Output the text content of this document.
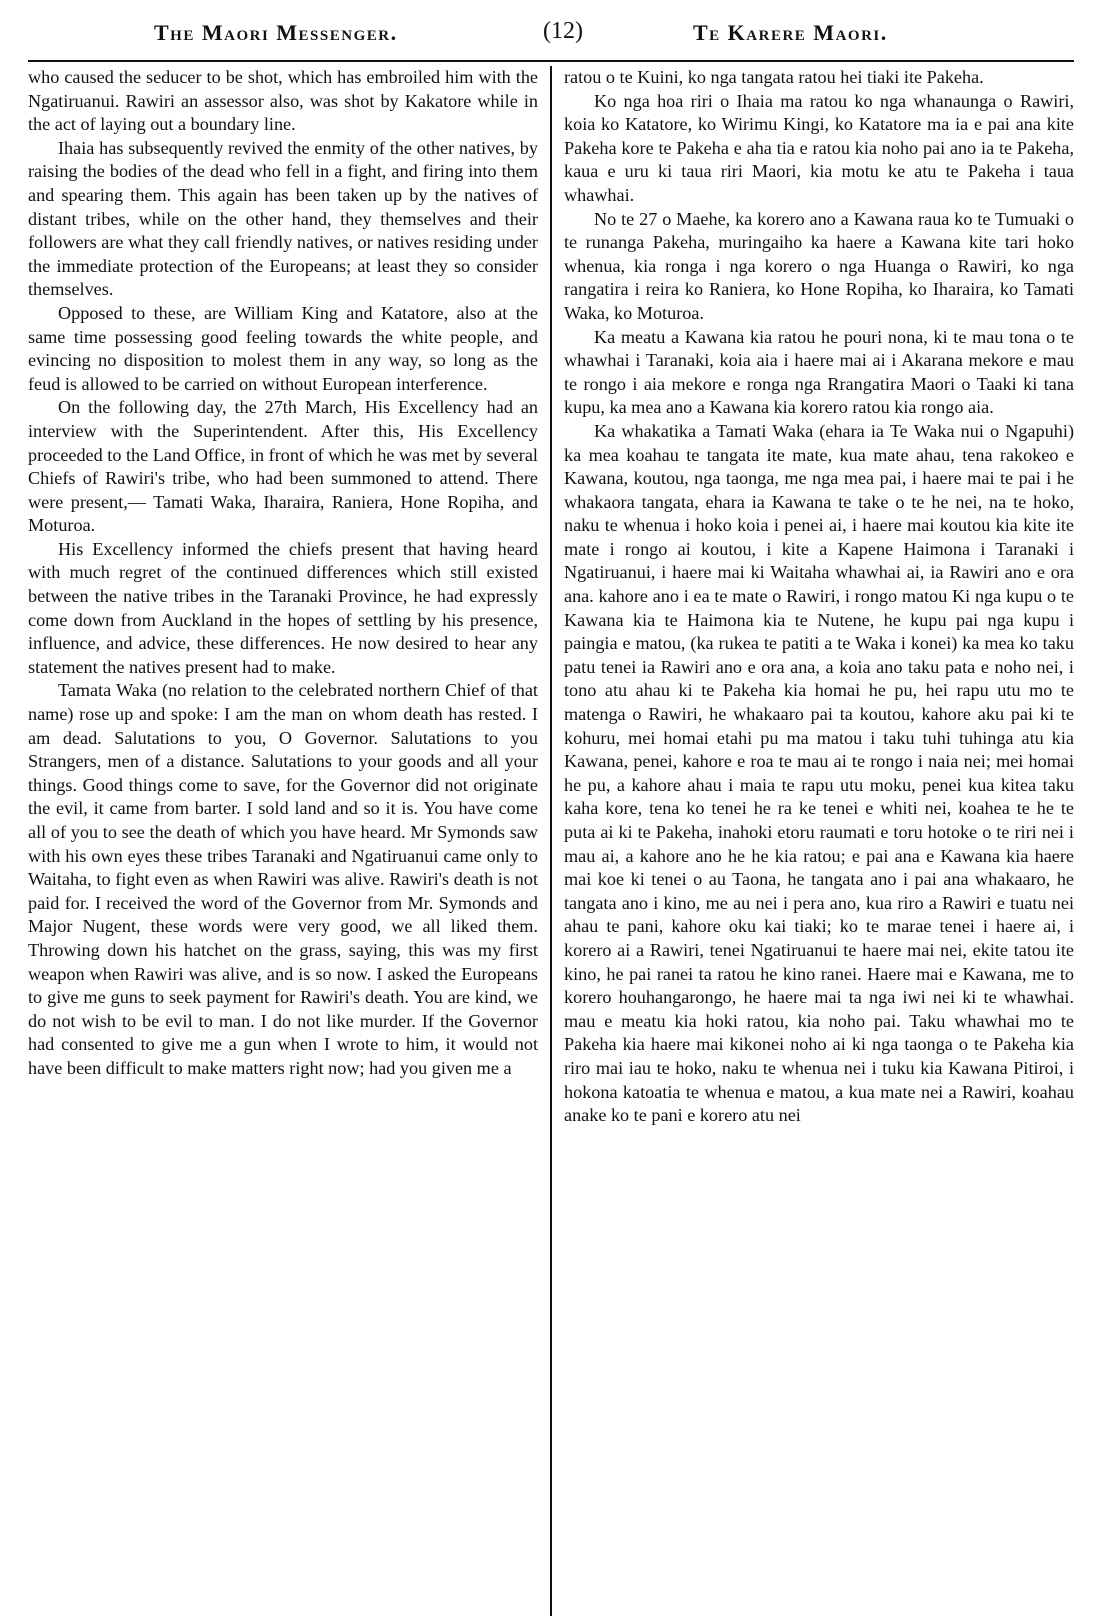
The Maori Messenger.	(12)	Te Karere Maori.

who caused the seducer to be shot, which has embroiled him with the Ngatiruanui. Rawiri an assessor also, was shot by Kakatore while in the act of laying out a boundary line.

Ihaia has subsequently revived the enmity of the other natives, by raising the bodies of the dead who fell in a fight, and firing into them and spearing them. This again has been taken up by the natives of distant tribes, while on the other hand, they themselves and their followers are what they call friendly natives, or natives residing under the immediate protection of the Europeans; at least they so consider themselves.

Opposed to these, are William King and Katatore, also at the same time possessing good feeling towards the white people, and evincing no disposition to molest them in any way, so long as the feud is allowed to be carried on without European interference.

On the following day, the 27th March, His Excellency had an interview with the Superintendent. After this, His Excellency proceeded to the Land Office, in front of which he was met by several Chiefs of Rawiri's tribe, who had been summoned to attend. There were present,— Tamati Waka, Iharaira, Raniera, Hone Ropiha, and Moturoa.

His Excellency informed the chiefs present that having heard with much regret of the continued differences which still existed between the native tribes in the Taranaki Province, he had expressly come down from Auckland in the hopes of settling by his presence, influence, and advice, these differences. He now desired to hear any statement the natives present had to make.

Tamata Waka (no relation to the celebrated northern Chief of that name) rose up and spoke: I am the man on whom death has rested. I am dead. Salutations to you, O Governor. Salutations to you Strangers, men of a distance. Salutations to your goods and all your things. Good things come to save, for the Governor did not originate the evil, it came from barter. I sold land and so it is. You have come all of you to see the death of which you have heard. Mr Symonds saw with his own eyes these tribes Taranaki and Ngatiruanui came only to Waitaha, to fight even as when Rawiri was alive. Rawiri's death is not paid for. I received the word of the Governor from Mr. Symonds and Major Nugent, these words were very good, we all liked them. Throwing down his hatchet on the grass, saying, this was my first weapon when Rawiri was alive, and is so now. I asked the Europeans to give me guns to seek payment for Rawiri's death. You are kind, we do not wish to be evil to man. I do not like murder. If the Governor had consented to give me a gun when I wrote to him, it would not have been difficult to make matters right now; had you given me a

ratou o te Kuini, ko nga tangata ratou hei tiaki ite Pakeha.

Ko nga hoa riri o Ihaia ma ratou ko nga whanaunga o Rawiri, koia ko Katatore, ko Wirimu Kingi, ko Katatore ma ia e pai ana kite Pakeha kore te Pakeha e aha tia e ratou kia noho pai ano ia te Pakeha, kaua e uru ki taua riri Maori, kia motu ke atu te Pakeha i taua whawhai.

No te 27 o Maehe, ka korero ano a Kawana raua ko te Tumuaki o te runanga Pakeha, muringaiho ka haere a Kawana kite tari hoko whenua, kia ronga i nga korero o nga Huanga o Rawiri, ko nga rangatira i reira ko Raniera, ko Hone Ropiha, ko Iharaira, ko Tamati Waka, ko Moturoa.

Ka meatu a Kawana kia ratou he pouri nona, ki te mau tona o te whawhai i Taranaki, koia aia i haere mai ai i Akarana mekore e mau te rongo i aia mekore e ronga nga Rrangatira Maori o Taaki ki tana kupu, ka mea ano a Kawana kia korero ratou kia rongo aia.

Ka whakatika a Tamati Waka (ehara ia Te Waka nui o Ngapuhi) ka mea koahau te tangata ite mate, kua mate ahau, tena rakokeo e Kawana, koutou, nga taonga, me nga mea pai, i haere mai te pai i he whakaora tangata, ehara ia Kawana te take o te he nei, na te hoko, naku te whenua i hoko koia i penei ai, i haere mai koutou kia kite ite mate i rongo ai koutou, i kite a Kapene Haimona i Taranaki i Ngatiruanui, i haere mai ki Waitaha whawhai ai, ia Rawiri ano e ora ana. kahore ano i ea te mate o Rawiri, i rongo matou Ki nga kupu o te Kawana kia te Haimona kia te Nutene, he kupu pai nga kupu i paingia e matou, (ka rukea te patiti a te Waka i konei) ka mea ko taku patu tenei ia Rawiri ano e ora ana, a koia ano taku pata e noho nei, i tono atu ahau ki te Pakeha kia homai he pu, hei rapu utu mo te matenga o Rawiri, he whakaaro pai ta koutou, kahore aku pai ki te kohuru, mei homai etahi pu ma matou i taku tuhi tuhinga atu kia Kawana, penei, kahore e roa te mau ai te rongo i naia nei; mei homai he pu, a kahore ahau i maia te rapu utu moku, penei kua kitea taku kaha kore, tena ko tenei he ra ke tenei e whiti nei, koahea te he te puta ai ki te Pakeha, inahoki etoru raumati e toru hotoke o te riri nei i mau ai, a kahore ano he he kia ratou; e pai ana e Kawana kia haere mai koe ki tenei o au Taona, he tangata ano i pai ana whakaaro, he tangata ano i kino, me au nei i pera ano, kua riro a Rawiri e tuatu nei ahau te pani, kahore oku kai tiaki; ko te marae tenei i haere ai, i korero ai a Rawiri, tenei Ngatiruanui te haere mai nei, ekite tatou ite kino, he pai ranei ta ratou he kino ranei. Haere mai e Kawana, me to korero houhangarongo, he haere mai ta nga iwi nei ki te whawhai. mau e meatu kia hoki ratou, kia noho pai. Taku whawhai mo te Pakeha kia haere mai kikonei noho ai ki nga taonga o te Pakeha kia riro mai iau te hoko, naku te whenua nei i tuku kia Kawana Pitiroi, i hokona katoatia te whenua e matou, a kua mate nei a Rawiri, koahau anake ko te pani e korero atu nei
